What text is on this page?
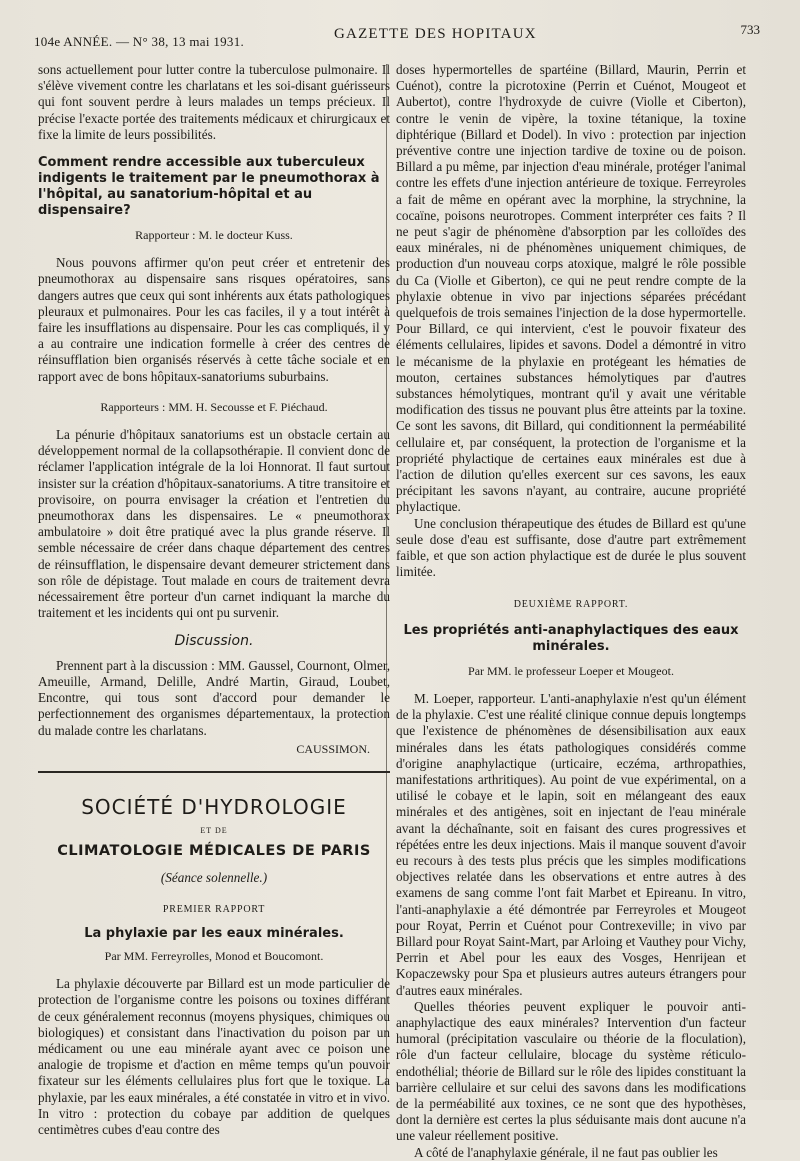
104e ANNÉE. — N° 38, 13 mai 1931.	GAZETTE DES HOPITAUX	733

sons actuellement pour lutter contre la tuberculose pulmonaire. Il s'élève vivement contre les charlatans et les soi-disant guérisseurs qui font souvent perdre à leurs malades un temps précieux. Il précise l'exacte portée des traitements médicaux et chirurgicaux et fixe la limite de leurs possibilités.

Comment rendre accessible aux tuberculeux indigents le traitement par le pneumothorax à l'hôpital, au sanatorium-hôpital et au dispensaire?

Rapporteur : M. le docteur Kuss.

Nous pouvons affirmer qu'on peut créer et entretenir des pneumothorax au dispensaire sans risques opératoires, sans dangers autres que ceux qui sont inhérents aux états pathologiques pleuraux et pulmonaires. Pour les cas faciles, il y a tout intérêt à faire les insufflations au dispensaire. Pour les cas compliqués, il y a au contraire une indication formelle à créer des centres de réinsufflation bien organisés réservés à cette tâche sociale et en rapport avec de bons hôpitaux-sanatoriums suburbains.

Rapporteurs : MM. H. Secousse et F. Piéchaud.

La pénurie d'hôpitaux sanatoriums est un obstacle certain au développement normal de la collapsothérapie. Il convient donc de réclamer l'application intégrale de la loi Honnorat. Il faut surtout insister sur la création d'hôpitaux-sanatoriums. A titre transitoire et provisoire, on pourra envisager la création et l'entretien du pneumothorax dans les dispensaires. Le « pneumothorax ambulatoire » doit être pratiqué avec la plus grande réserve. Il semble nécessaire de créer dans chaque département des centres de réinsufflation, le dispensaire devant demeurer strictement dans son rôle de dépistage. Tout malade en cours de traitement devra nécessairement être porteur d'un carnet indiquant la marche du traitement et les incidents qui ont pu survenir.

Discussion.

Prennent part à la discussion : MM. Gaussel, Cournont, Olmer, Ameuille, Armand, Delille, André Martin, Giraud, Loubet, Encontre, qui tous sont d'accord pour demander le perfectionnement des organismes départementaux, la protection du malade contre les charlatans.

CAUSSIMON.

SOCIÉTÉ D'HYDROLOGIE

ET DE

CLIMATOLOGIE MÉDICALES DE PARIS

(Séance solennelle.)

PREMIER RAPPORT

La phylaxie par les eaux minérales.

Par MM. Ferreyrolles, Monod et Boucomont.

La phylaxie découverte par Billard est un mode particulier de protection de l'organisme contre les poisons ou toxines différant de ceux généralement reconnus (moyens physiques, chimiques ou biologiques) et consistant dans l'inactivation du poison par un médicament ou une eau minérale ayant avec ce poison une analogie de tropisme et d'action en même temps qu'un pouvoir fixateur sur les éléments cellulaires plus fort que le toxique. La phylaxie, par les eaux minérales, a été constatée in vitro et in vivo. In vitro : protection du cobaye par addition de quelques centimètres cubes d'eau contre des

doses hypermortelles de spartéine (Billard, Maurin, Perrin et Cuénot), contre la picrotoxine (Perrin et Cuénot, Mougeot et Aubertot), contre l'hydroxyde de cuivre (Violle et Ciberton), contre le venin de vipère, la toxine tétanique, la toxine diphtérique (Billard et Dodel). In vivo : protection par injection préventive contre une injection tardive de toxine ou de poison. Billard a pu même, par injection d'eau minérale, protéger l'animal contre les effets d'une injection antérieure de toxique. Ferreyroles a fait de même en opérant avec la morphine, la strychnine, la cocaïne, poisons neurotropes. Comment interpréter ces faits ? Il ne peut s'agir de phénomène d'absorption par les colloïdes des eaux minérales, ni de phénomènes uniquement chimiques, de production d'un nouveau corps atoxique, malgré le rôle possible du Ca (Violle et Giberton), ce qui ne peut rendre compte de la phylaxie obtenue in vivo par injections séparées précédant quelquefois de trois semaines l'injection de la dose hypermortelle. Pour Billard, ce qui intervient, c'est le pouvoir fixateur des éléments cellulaires, lipides et savons. Dodel a démontré in vitro le mécanisme de la phylaxie en protégeant les hématies de mouton, certaines substances hémolytiques par d'autres substances hémolytiques, montrant qu'il y avait une véritable modification des tissus ne pouvant plus être atteints par la toxine. Ce sont les savons, dit Billard, qui conditionnent la perméabilité cellulaire et, par conséquent, la protection de l'organisme et la propriété phylactique de certaines eaux minérales est due à l'action de dilution qu'elles exercent sur ces savons, les eaux précipitant les savons n'ayant, au contraire, aucune propriété phylactique.

Une conclusion thérapeutique des études de Billard est qu'une seule dose d'eau est suffisante, dose d'autre part extrêmement faible, et que son action phylactique est de durée le plus souvent limitée.

DEUXIÈME RAPPORT.

Les propriétés anti-anaphylactiques des eaux minérales.

Par MM. le professeur Loeper et Mougeot.

M. Loeper, rapporteur. L'anti-anaphylaxie n'est qu'un élément de la phylaxie. C'est une réalité clinique connue depuis longtemps que l'existence de phénomènes de désensibilisation aux eaux minérales dans les états pathologiques considérés comme d'origine anaphylactique (urticaire, eczéma, arthropathies, manifestations arthritiques). Au point de vue expérimental, on a utilisé le cobaye et le lapin, soit en mélangeant des eaux minérales et des antigènes, soit en injectant de l'eau minérale avant la déchaînante, soit en faisant des cures progressives et répétées entre les deux injections. Mais il manque souvent d'avoir eu recours à des tests plus précis que les simples modifications objectives relatée dans les observations et entre autres à des examens de sang comme l'ont fait Marbet et Epireanu. In vitro, l'anti-anaphylaxie a été démontrée par Ferreyroles et Mougeot pour Royat, Perrin et Cuénot pour Contrexeville; in vivo par Billard pour Royat Saint-Mart, par Arloing et Vauthey pour Vichy, Perrin et Abel pour les eaux des Vosges, Henrijean et Kopaczewsky pour Spa et plusieurs autres auteurs étrangers pour d'autres eaux minérales.

Quelles théories peuvent expliquer le pouvoir anti-anaphylactique des eaux minérales? Intervention d'un facteur humoral (précipitation vasculaire ou théorie de la floculation), rôle d'un facteur cellulaire, blocage du système réticulo-endothélial; théorie de Billard sur le rôle des lipides constituant la barrière cellulaire et sur celui des savons dans les modifications de la perméabilité aux toxines, ce ne sont que des hypothèses, dont la dernière est certes la plus séduisante mais dont aucune n'a une valeur réellement positive.

A côté de l'anaphylaxie générale, il ne faut pas oublier les
